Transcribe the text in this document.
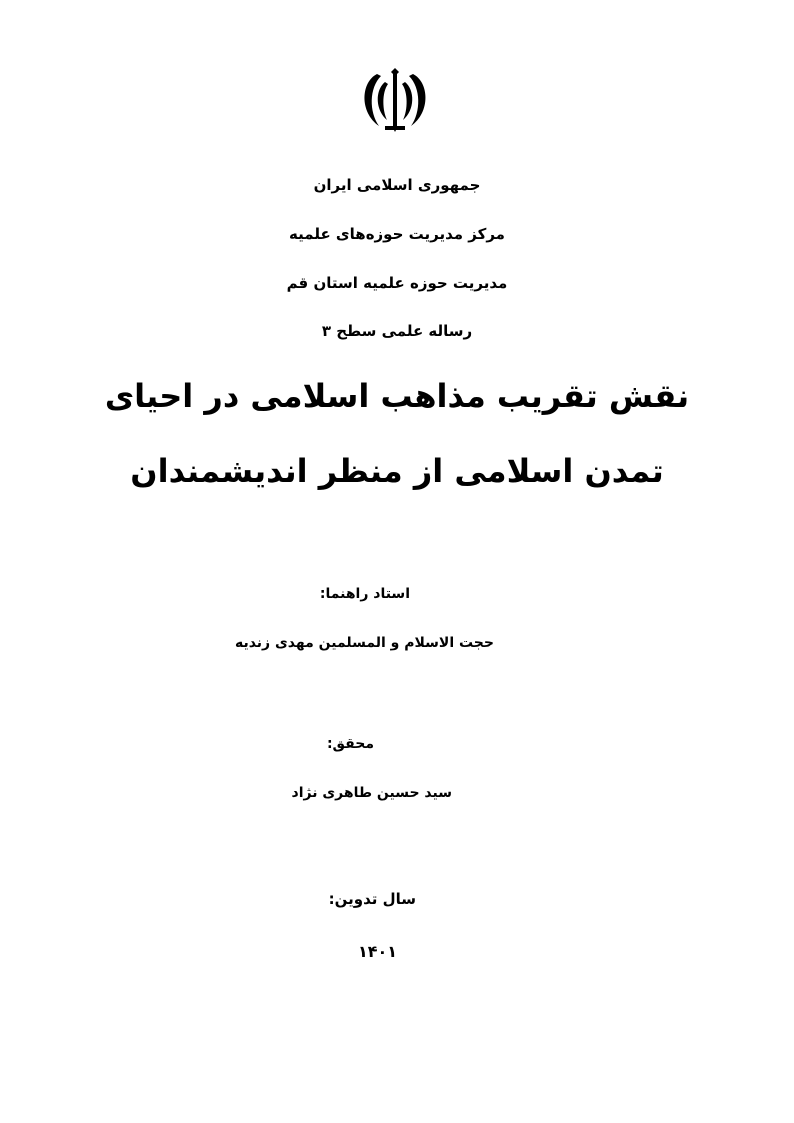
جمهوری اسلامی ایران

مرکز مدیریت حوزه‌های علمیه

مدیریت حوزه علمیه استان قم

رساله علمی سطح ۳

نقش تقریب مذاهب اسلامی در احیای

تمدن اسلامی از منظر اندیشمندان

استاد راهنما:

حجت الاسلام و المسلمین مهدی زندیه

محقق:

سید حسین طاهری نژاد

سال تدوین:

۱۴۰۱
